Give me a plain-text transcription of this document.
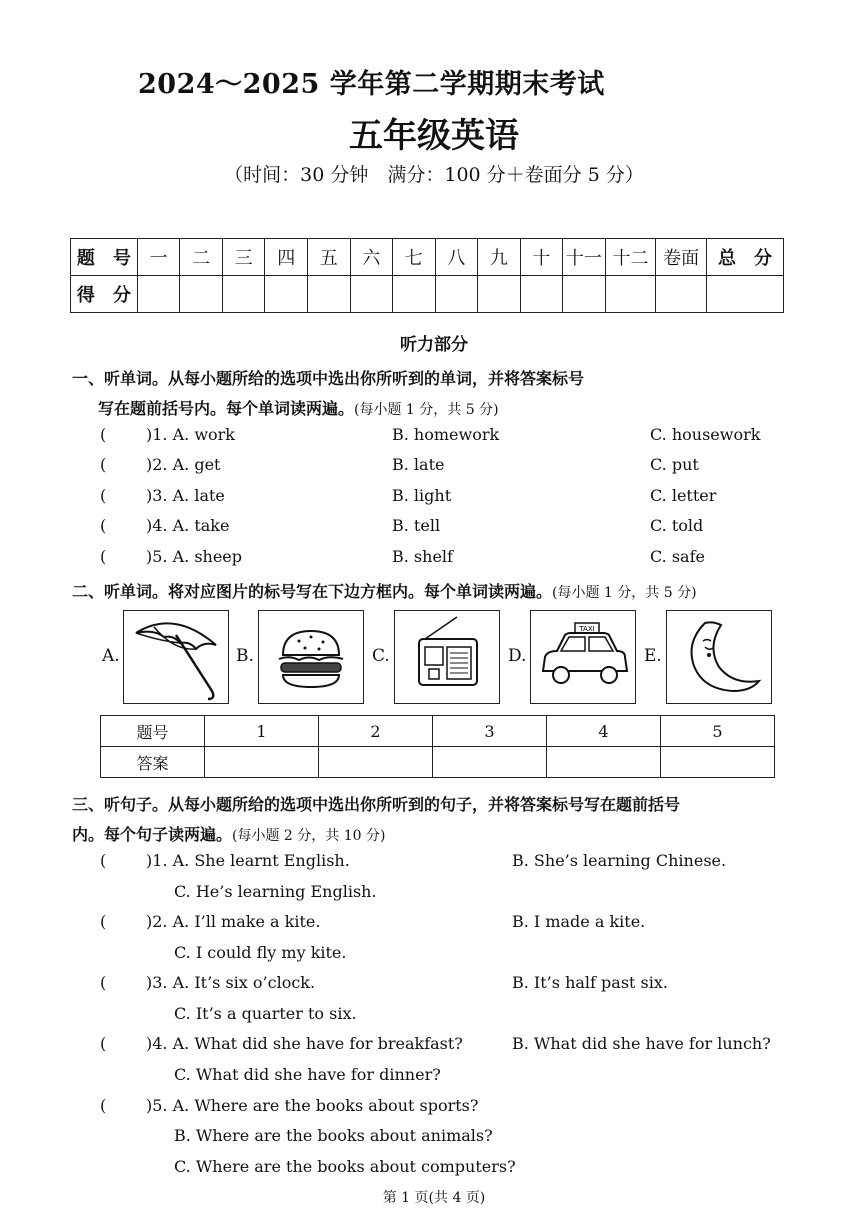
2024～2025 学年第二学期期末考试
五年级英语
（时间：30 分钟　满分：100 分＋卷面分 5 分）
题　号	一	二	三	四	五	六	七	八	九	十	十一	十二	卷面	总　分
得　分														
听力部分
一、听单词。从每小题所给的选项中选出你所听到的单词，并将答案标号
写在题前括号内。每个单词读两遍。(每小题 1 分，共 5 分)
( )1. A. work	B. homework	C. housework
( )2. A. get	B. late	C. put
( )3. A. late	B. light	C. letter
( )4. A. take	B. tell	C. told
( )5. A. sheep	B. shelf	C. safe
二、听单词。将对应图片的标号写在下边方框内。每个单词读两遍。(每小题 1 分，共 5 分)
A.	B.	C.	D.
TAXI
E.
题号	1	2	3	4	5
答案					
三、听句子。从每小题所给的选项中选出你所听到的句子，并将答案标号写在题前括号
内。每个句子读两遍。(每小题 2 分，共 10 分)
( )1. A. She learnt English.	B. She’s learning Chinese.
C. He’s learning English.
( )2. A. I’ll make a kite.	B. I made a kite.
C. I could fly my kite.
( )3. A. It’s six o’clock.	B. It’s half past six.
C. It’s a quarter to six.
( )4. A. What did she have for breakfast?	B. What did she have for lunch?
C. What did she have for dinner?
( )5. A. Where are the books about sports?
B. Where are the books about animals?
C. Where are the books about computers?
第 1 页(共 4 页)
